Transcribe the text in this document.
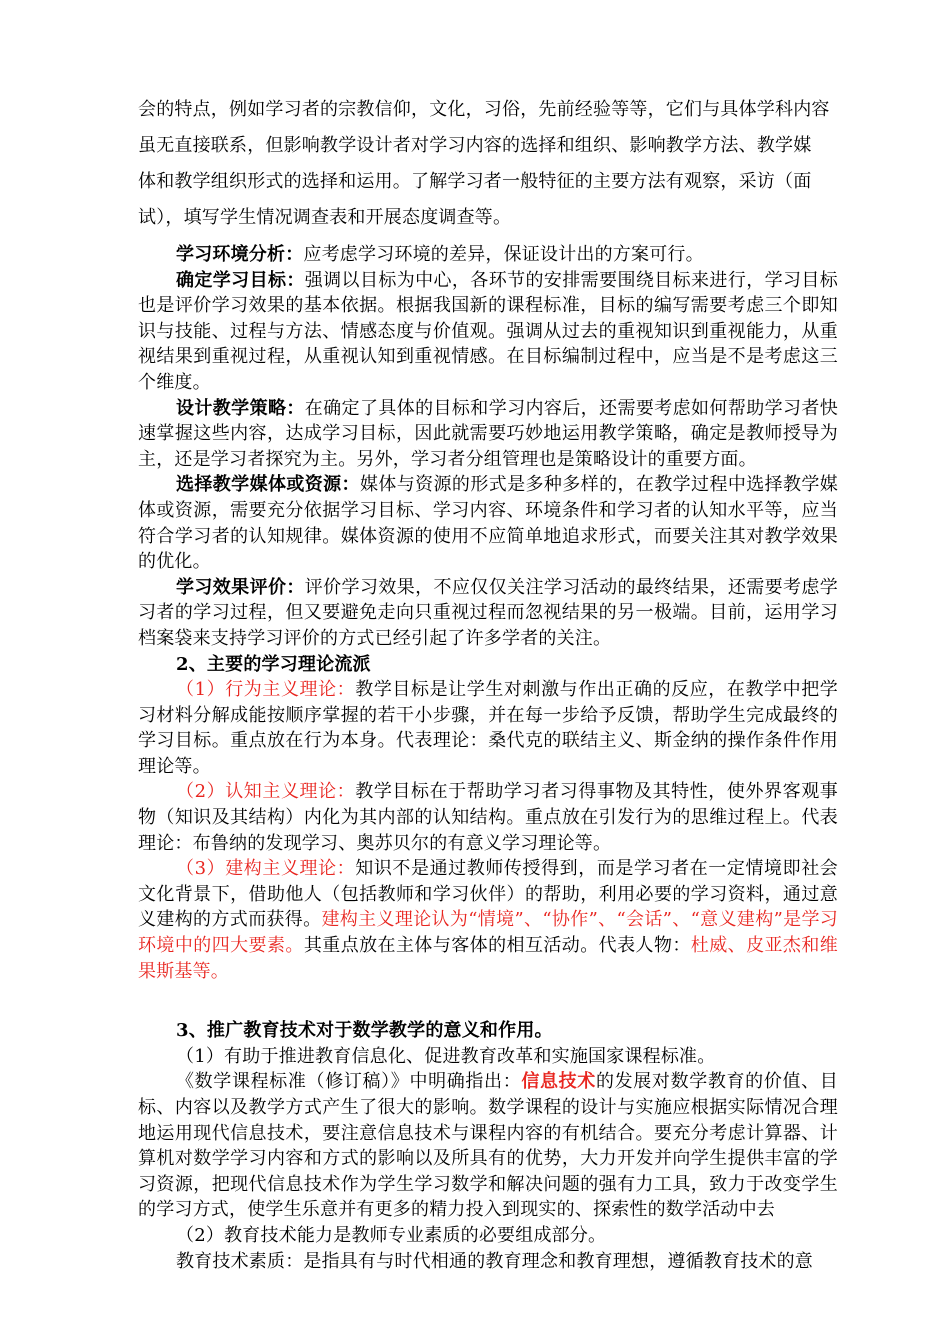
会的特点，例如学习者的宗教信仰，文化，习俗，先前经验等等，它们与具体学科内容

虽无直接联系，但影响教学设计者对学习内容的选择和组织、影响教学方法、教学媒

体和教学组织形式的选择和运用。了解学习者一般特征的主要方法有观察，采访（面

试），填写学生情况调查表和开展态度调查等。

学习环境分析：应考虑学习环境的差异，保证设计出的方案可行。

确定学习目标：强调以目标为中心，各环节的安排需要围绕目标来进行，学习目标也是评价学习效果的基本依据。根据我国新的课程标准，目标的编写需要考虑三个即知识与技能、过程与方法、情感态度与价值观。强调从过去的重视知识到重视能力，从重视结果到重视过程，从重视认知到重视情感。在目标编制过程中，应当是不是考虑这三个维度。

设计教学策略：在确定了具体的目标和学习内容后，还需要考虑如何帮助学习者快速掌握这些内容，达成学习目标，因此就需要巧妙地运用教学策略，确定是教师授导为主，还是学习者探究为主。另外，学习者分组管理也是策略设计的重要方面。

选择教学媒体或资源：媒体与资源的形式是多种多样的，在教学过程中选择教学媒体或资源，需要充分依据学习目标、学习内容、环境条件和学习者的认知水平等，应当符合学习者的认知规律。媒体资源的使用不应简单地追求形式，而要关注其对教学效果的优化。

学习效果评价：评价学习效果，不应仅仅关注学习活动的最终结果，还需要考虑学习者的学习过程，但又要避免走向只重视过程而忽视结果的另一极端。目前，运用学习档案袋来支持学习评价的方式已经引起了许多学者的关注。

2、主要的学习理论流派

（1）行为主义理论：教学目标是让学生对刺激与作出正确的反应，在教学中把学习材料分解成能按顺序掌握的若干小步骤，并在每一步给予反馈，帮助学生完成最终的学习目标。重点放在行为本身。代表理论：桑代克的联结主义、斯金纳的操作条件作用理论等。

（2）认知主义理论：教学目标在于帮助学习者习得事物及其特性，使外界客观事物（知识及其结构）内化为其内部的认知结构。重点放在引发行为的思维过程上。代表理论：布鲁纳的发现学习、奥苏贝尔的有意义学习理论等。

（3）建构主义理论：知识不是通过教师传授得到，而是学习者在一定情境即社会文化背景下，借助他人（包括教师和学习伙伴）的帮助，利用必要的学习资料，通过意义建构的方式而获得。建构主义理论认为“情境”、“协作”、“会话”、“意义建构”是学习环境中的四大要素。其重点放在主体与客体的相互活动。代表人物：杜威、皮亚杰和维果斯基等。

3、推广教育技术对于数学教学的意义和作用。

（1）有助于推进教育信息化、促进教育改革和实施国家课程标准。

《数学课程标准（修订稿）》中明确指出：信息技术的发展对数学教育的价值、目标、内容以及教学方式产生了很大的影响。数学课程的设计与实施应根据实际情况合理地运用现代信息技术，要注意信息技术与课程内容的有机结合。要充分考虑计算器、计算机对数学学习内容和方式的影响以及所具有的优势，大力开发并向学生提供丰富的学习资源，把现代信息技术作为学生学习数学和解决问题的强有力工具，致力于改变学生的学习方式，使学生乐意并有更多的精力投入到现实的、探索性的数学活动中去

（2）教育技术能力是教师专业素质的必要组成部分。

教育技术素质：是指具有与时代相通的教育理念和教育理想，遵循教育技术的意
